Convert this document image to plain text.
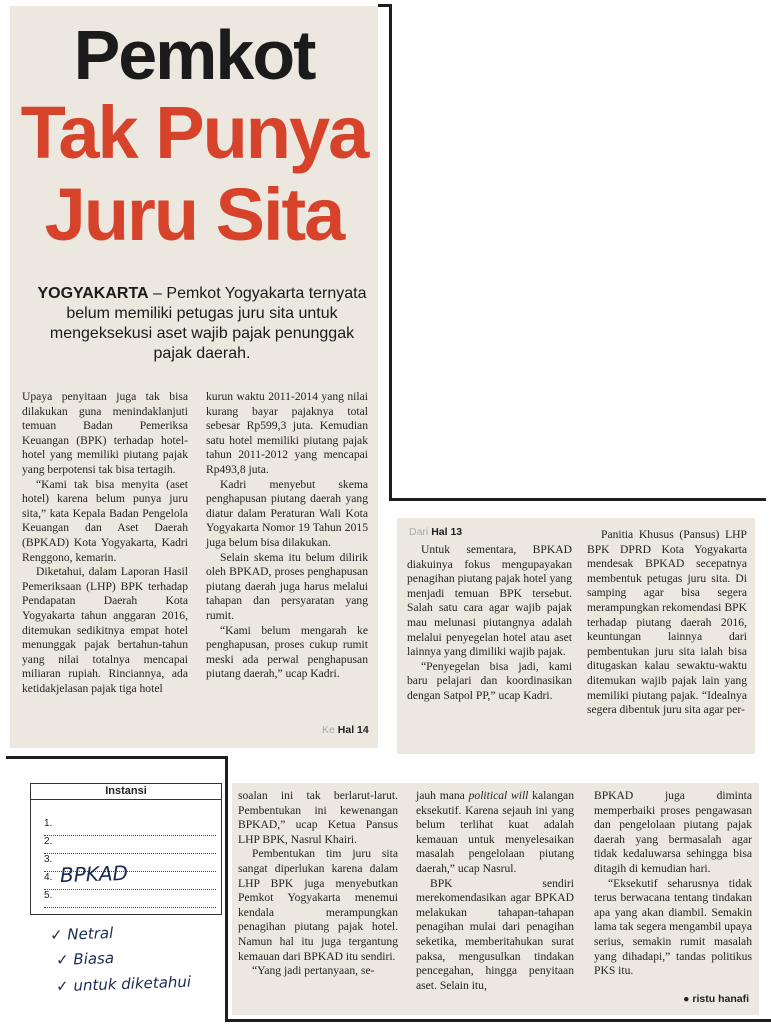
Pemkot
Tak Punya
Juru Sita
YOGYAKARTA – Pemkot Yogyakarta ternyata belum memiliki petugas juru sita untuk mengeksekusi aset wajib pajak penunggak pajak daerah.

Upaya penyitaan juga tak bisa dilakukan guna menindaklanjuti temuan Badan Pemeriksa Keuangan (BPK) terhadap hotel-hotel yang memiliki piutang pajak yang berpotensi tak bisa tertagih.

“Kami tak bisa menyita (aset hotel) karena belum punya juru sita,” kata Kepala Badan Pengelola Keuangan dan Aset Daerah (BPKAD) Kota Yogyakarta, Kadri Renggono, kemarin.

Diketahui, dalam Laporan Hasil Pemeriksaan (LHP) BPK terhadap Pendapatan Daerah Kota Yogyakarta tahun anggaran 2016, ditemukan sedikitnya empat hotel menunggak pajak bertahun-tahun yang nilai totalnya mencapai miliaran rupiah. Rinciannya, ada ketidakjelasan pajak tiga hotel

kurun waktu 2011-2014 yang nilai kurang bayar pajaknya total sebesar Rp599,3 juta. Kemudian satu hotel memiliki piutang pajak tahun 2011-2012 yang mencapai Rp493,8 juta.

Kadri menyebut skema penghapusan piutang daerah yang diatur dalam Peraturan Wali Kota Yogyakarta Nomor 19 Tahun 2015 juga belum bisa dilakukan.

Selain skema itu belum dilirik oleh BPKAD, proses penghapusan piutang daerah juga harus melalui tahapan dan persyaratan yang rumit.

“Kami belum mengarah ke penghapusan, proses cukup rumit meski ada perwal penghapusan piutang daerah,” ucap Kadri.

Ke Hal 14
Dari Hal 13

Untuk sementara, BPKAD diakuinya fokus mengupayakan penagihan piutang pajak hotel yang menjadi temuan BPK tersebut. Salah satu cara agar wajib pajak mau melunasi piutangnya adalah melalui penyegelan hotel atau aset lainnya yang dimiliki wajib pajak.

“Penyegelan bisa jadi, kami baru pelajari dan koordinasikan dengan Satpol PP,” ucap Kadri.

Panitia Khusus (Pansus) LHP BPK DPRD Kota Yogyakarta mendesak BPKAD secepatnya membentuk petugas juru sita. Di samping agar bisa segera merampungkan rekomendasi BPK terhadap piutang daerah 2016, keuntungan lainnya dari pembentukan juru sita ialah bisa ditugaskan kalau sewaktu-waktu ditemukan wajib pajak lain yang memiliki piutang pajak. “Idealnya segera dibentuk juru sita agar per-

Instansi
1.
2.
3.
4.
5.
BPKAD
✓ Netral
✓ Biasa
✓ untuk diketahui

soalan ini tak berlarut-larut. Pembentukan ini kewenangan BPKAD,” ucap Ketua Pansus LHP BPK, Nasrul Khairi.

Pembentukan tim juru sita sangat diperlukan karena dalam LHP BPK juga menyebutkan Pemkot Yogyakarta menemui kendala merampungkan penagihan piutang pajak hotel. Namun hal itu juga tergantung kemauan dari BPKAD itu sendiri.

“Yang jadi pertanyaan, se-

jauh mana political will kalangan eksekutif. Karena sejauh ini yang belum terlihat kuat adalah kemauan untuk menyelesaikan masalah pengelolaan piutang daerah,” ucap Nasrul.

BPK sendiri merekomendasikan agar BPKAD melakukan tahapan-tahapan penagihan mulai dari penagihan seketika, memberitahukan surat paksa, mengusulkan tindakan pencegahan, hingga penyitaan aset. Selain itu,

BPKAD juga diminta memperbaiki proses pengawasan dan pengelolaan piutang pajak daerah yang bermasalah agar tidak kedaluwarsa sehingga bisa ditagih di kemudian hari.

“Eksekutif seharusnya tidak terus berwacana tentang tindakan apa yang akan diambil. Semakin lama tak segera mengambil upaya serius, semakin rumit masalah yang dihadapi,” tandas politikus PKS itu.

● ristu hanafi
